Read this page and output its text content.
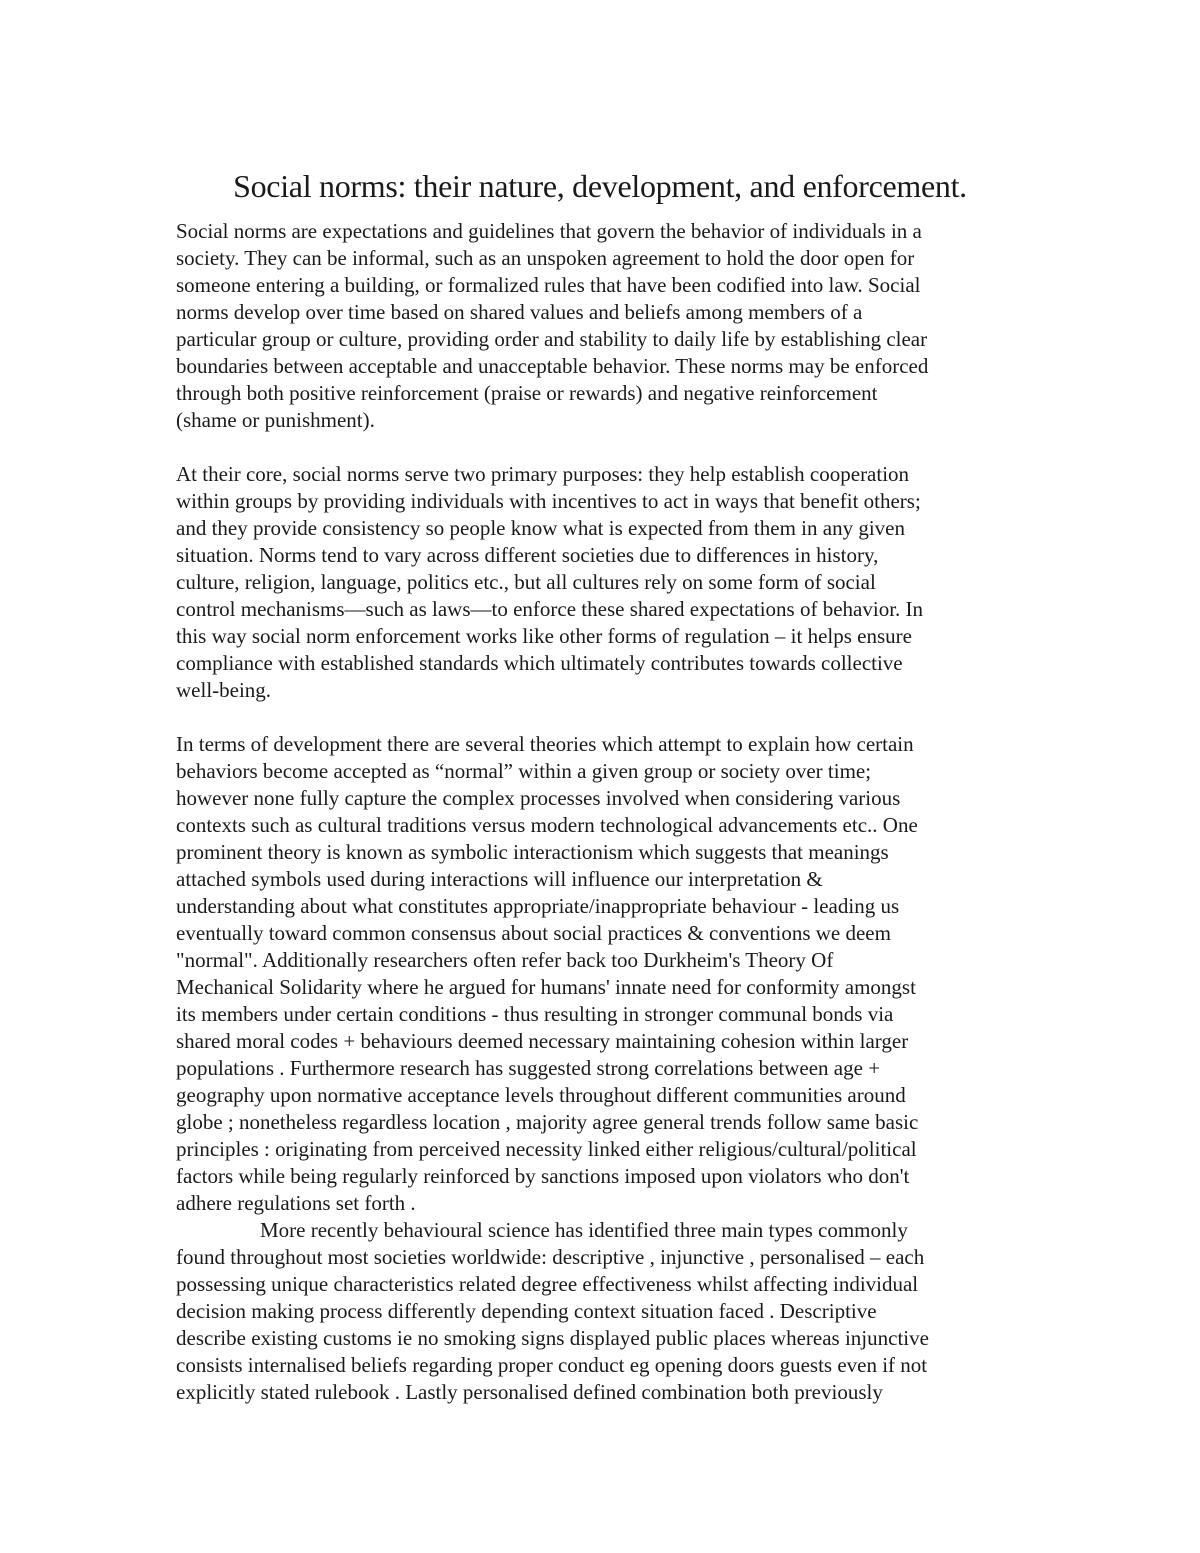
Social norms: their nature, development, and enforcement.
Social norms are expectations and guidelines that govern the behavior of individuals in a
society. They can be informal, such as an unspoken agreement to hold the door open for
someone entering a building, or formalized rules that have been codified into law. Social
norms develop over time based on shared values and beliefs among members of a
particular group or culture, providing order and stability to daily life by establishing clear
boundaries between acceptable and unacceptable behavior. These norms may be enforced
through both positive reinforcement (praise or rewards) and negative reinforcement
(shame or punishment).
At their core, social norms serve two primary purposes: they help establish cooperation
within groups by providing individuals with incentives to act in ways that benefit others;
and they provide consistency so people know what is expected from them in any given
situation. Norms tend to vary across different societies due to differences in history,
culture, religion, language, politics etc., but all cultures rely on some form of social
control mechanisms—such as laws—to enforce these shared expectations of behavior. In
this way social norm enforcement works like other forms of regulation – it helps ensure
compliance with established standards which ultimately contributes towards collective
well-being.
In terms of development there are several theories which attempt to explain how certain
behaviors become accepted as “normal” within a given group or society over time;
however none fully capture the complex processes involved when considering various
contexts such as cultural traditions versus modern technological advancements etc.. One
prominent theory is known as symbolic interactionism which suggests that meanings
attached symbols used during interactions will influence our interpretation &
understanding about what constitutes appropriate/inappropriate behaviour - leading us
eventually toward common consensus about social practices & conventions we deem
"normal". Additionally researchers often refer back too Durkheim's Theory Of
Mechanical Solidarity where he argued for humans' innate need for conformity amongst
its members under certain conditions - thus resulting in stronger communal bonds via
shared moral codes + behaviours deemed necessary maintaining cohesion within larger
populations . Furthermore research has suggested strong correlations between age +
geography upon normative acceptance levels throughout different communities around
globe ; nonetheless regardless location , majority agree general trends follow same basic
principles : originating from perceived necessity linked either religious/cultural/political
factors while being regularly reinforced by sanctions imposed upon violators who don't
adhere regulations set forth .
More recently behavioural science has identified three main types commonly
found throughout most societies worldwide: descriptive , injunctive , personalised – each
possessing unique characteristics related degree effectiveness whilst affecting individual
decision making process differently depending context situation faced . Descriptive
describe existing customs ie no smoking signs displayed public places whereas injunctive
consists internalised beliefs regarding proper conduct eg opening doors guests even if not
explicitly stated rulebook . Lastly personalised defined combination both previously
